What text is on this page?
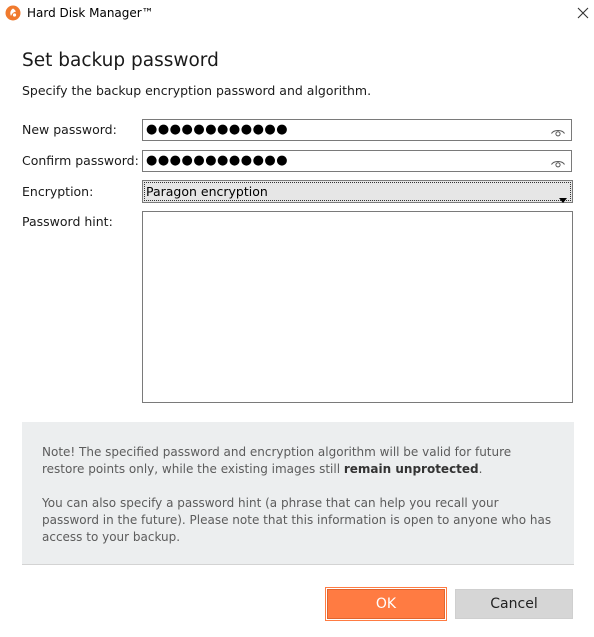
Hard Disk Manager™
Set backup password
Specify the backup encryption password and algorithm.
New password: ●●●●●●●●●●●●
Confirm password: ●●●●●●●●●●●●
Encryption:	Paragon encryption
Password hint:
Note! The specified password and encryption algorithm will be valid for future restore points only, while the existing images still remain unprotected.
You can also specify a password hint (a phrase that can help you recall your password in the future). Please note that this information is open to anyone who has access to your backup.
OK	Cancel
